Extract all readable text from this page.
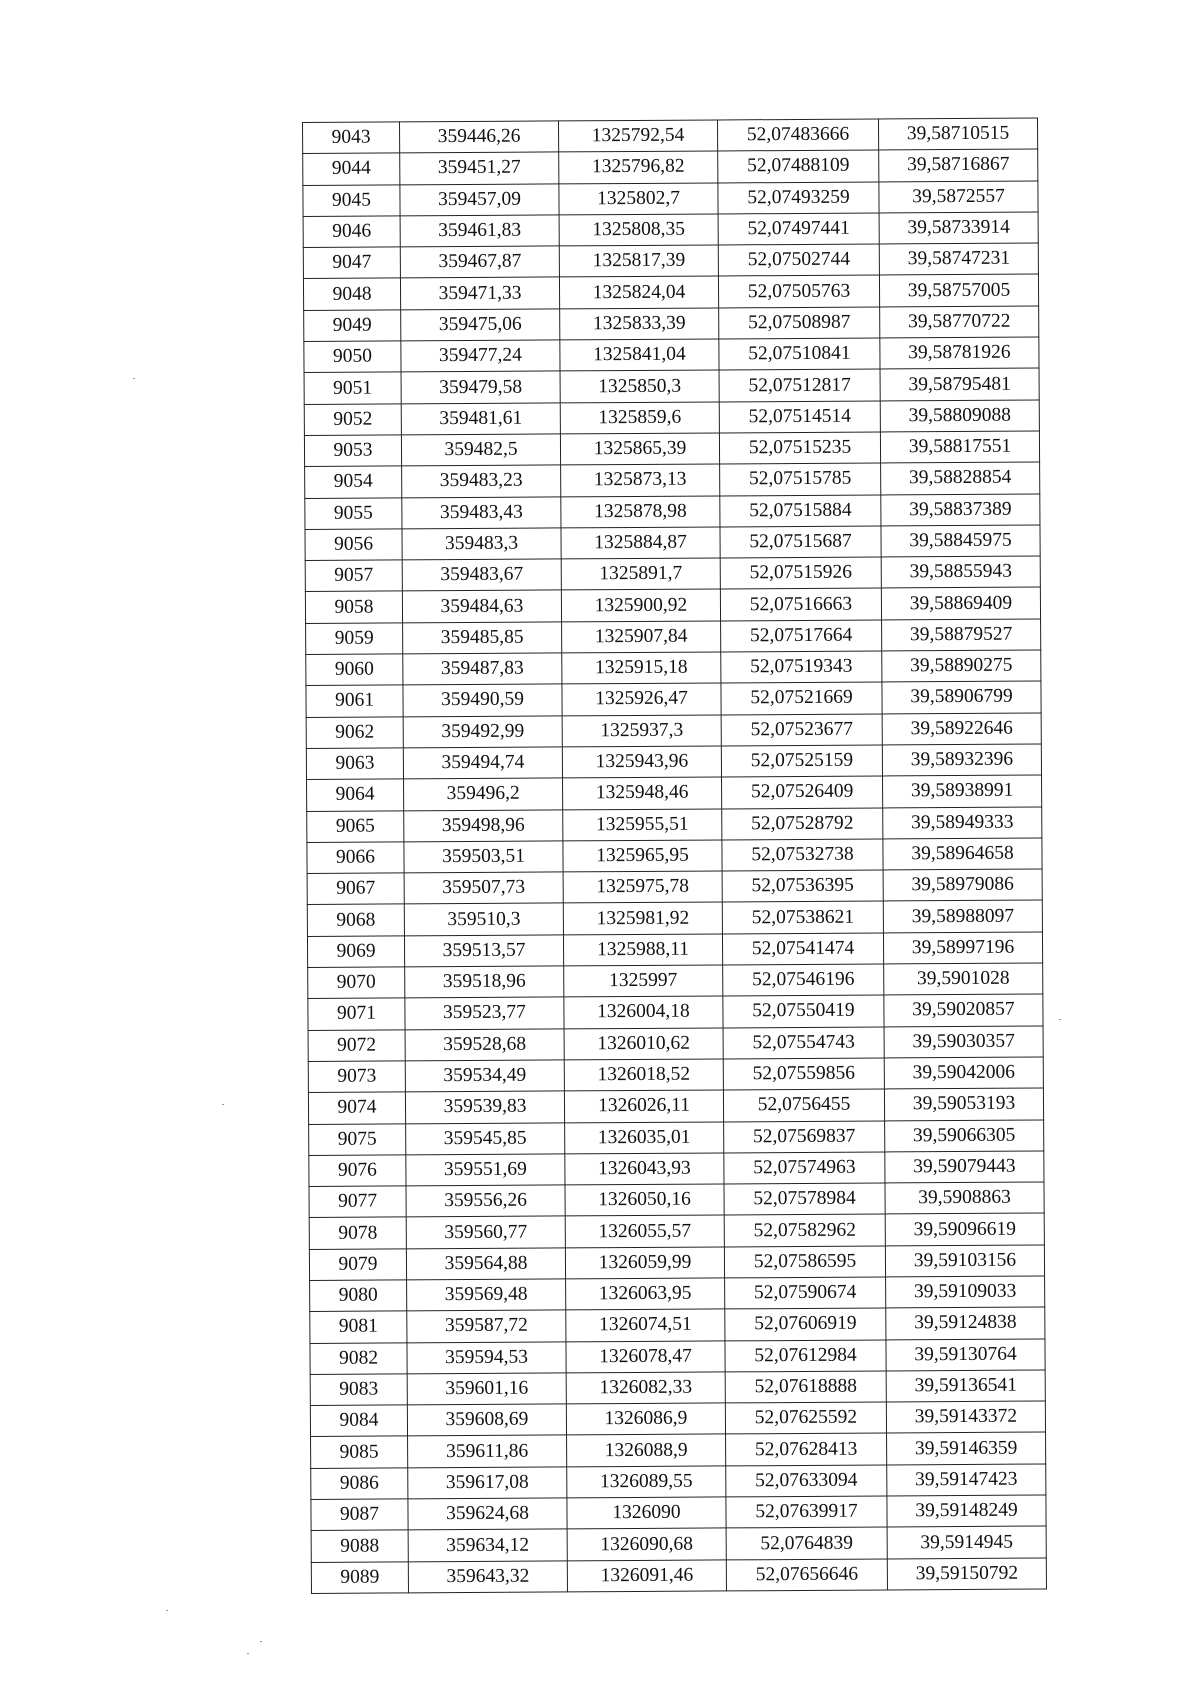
9043	359446,26	1325792,54	52,07483666	39,58710515
9044	359451,27	1325796,82	52,07488109	39,58716867
9045	359457,09	1325802,7	52,07493259	39,5872557
9046	359461,83	1325808,35	52,07497441	39,58733914
9047	359467,87	1325817,39	52,07502744	39,58747231
9048	359471,33	1325824,04	52,07505763	39,58757005
9049	359475,06	1325833,39	52,07508987	39,58770722
9050	359477,24	1325841,04	52,07510841	39,58781926
9051	359479,58	1325850,3	52,07512817	39,58795481
9052	359481,61	1325859,6	52,07514514	39,58809088
9053	359482,5	1325865,39	52,07515235	39,58817551
9054	359483,23	1325873,13	52,07515785	39,58828854
9055	359483,43	1325878,98	52,07515884	39,58837389
9056	359483,3	1325884,87	52,07515687	39,58845975
9057	359483,67	1325891,7	52,07515926	39,58855943
9058	359484,63	1325900,92	52,07516663	39,58869409
9059	359485,85	1325907,84	52,07517664	39,58879527
9060	359487,83	1325915,18	52,07519343	39,58890275
9061	359490,59	1325926,47	52,07521669	39,58906799
9062	359492,99	1325937,3	52,07523677	39,58922646
9063	359494,74	1325943,96	52,07525159	39,58932396
9064	359496,2	1325948,46	52,07526409	39,58938991
9065	359498,96	1325955,51	52,07528792	39,58949333
9066	359503,51	1325965,95	52,07532738	39,58964658
9067	359507,73	1325975,78	52,07536395	39,58979086
9068	359510,3	1325981,92	52,07538621	39,58988097
9069	359513,57	1325988,11	52,07541474	39,58997196
9070	359518,96	1325997	52,07546196	39,5901028
9071	359523,77	1326004,18	52,07550419	39,59020857
9072	359528,68	1326010,62	52,07554743	39,59030357
9073	359534,49	1326018,52	52,07559856	39,59042006
9074	359539,83	1326026,11	52,0756455	39,59053193
9075	359545,85	1326035,01	52,07569837	39,59066305
9076	359551,69	1326043,93	52,07574963	39,59079443
9077	359556,26	1326050,16	52,07578984	39,5908863
9078	359560,77	1326055,57	52,07582962	39,59096619
9079	359564,88	1326059,99	52,07586595	39,59103156
9080	359569,48	1326063,95	52,07590674	39,59109033
9081	359587,72	1326074,51	52,07606919	39,59124838
9082	359594,53	1326078,47	52,07612984	39,59130764
9083	359601,16	1326082,33	52,07618888	39,59136541
9084	359608,69	1326086,9	52,07625592	39,59143372
9085	359611,86	1326088,9	52,07628413	39,59146359
9086	359617,08	1326089,55	52,07633094	39,59147423
9087	359624,68	1326090	52,07639917	39,59148249
9088	359634,12	1326090,68	52,0764839	39,5914945
9089	359643,32	1326091,46	52,07656646	39,59150792
